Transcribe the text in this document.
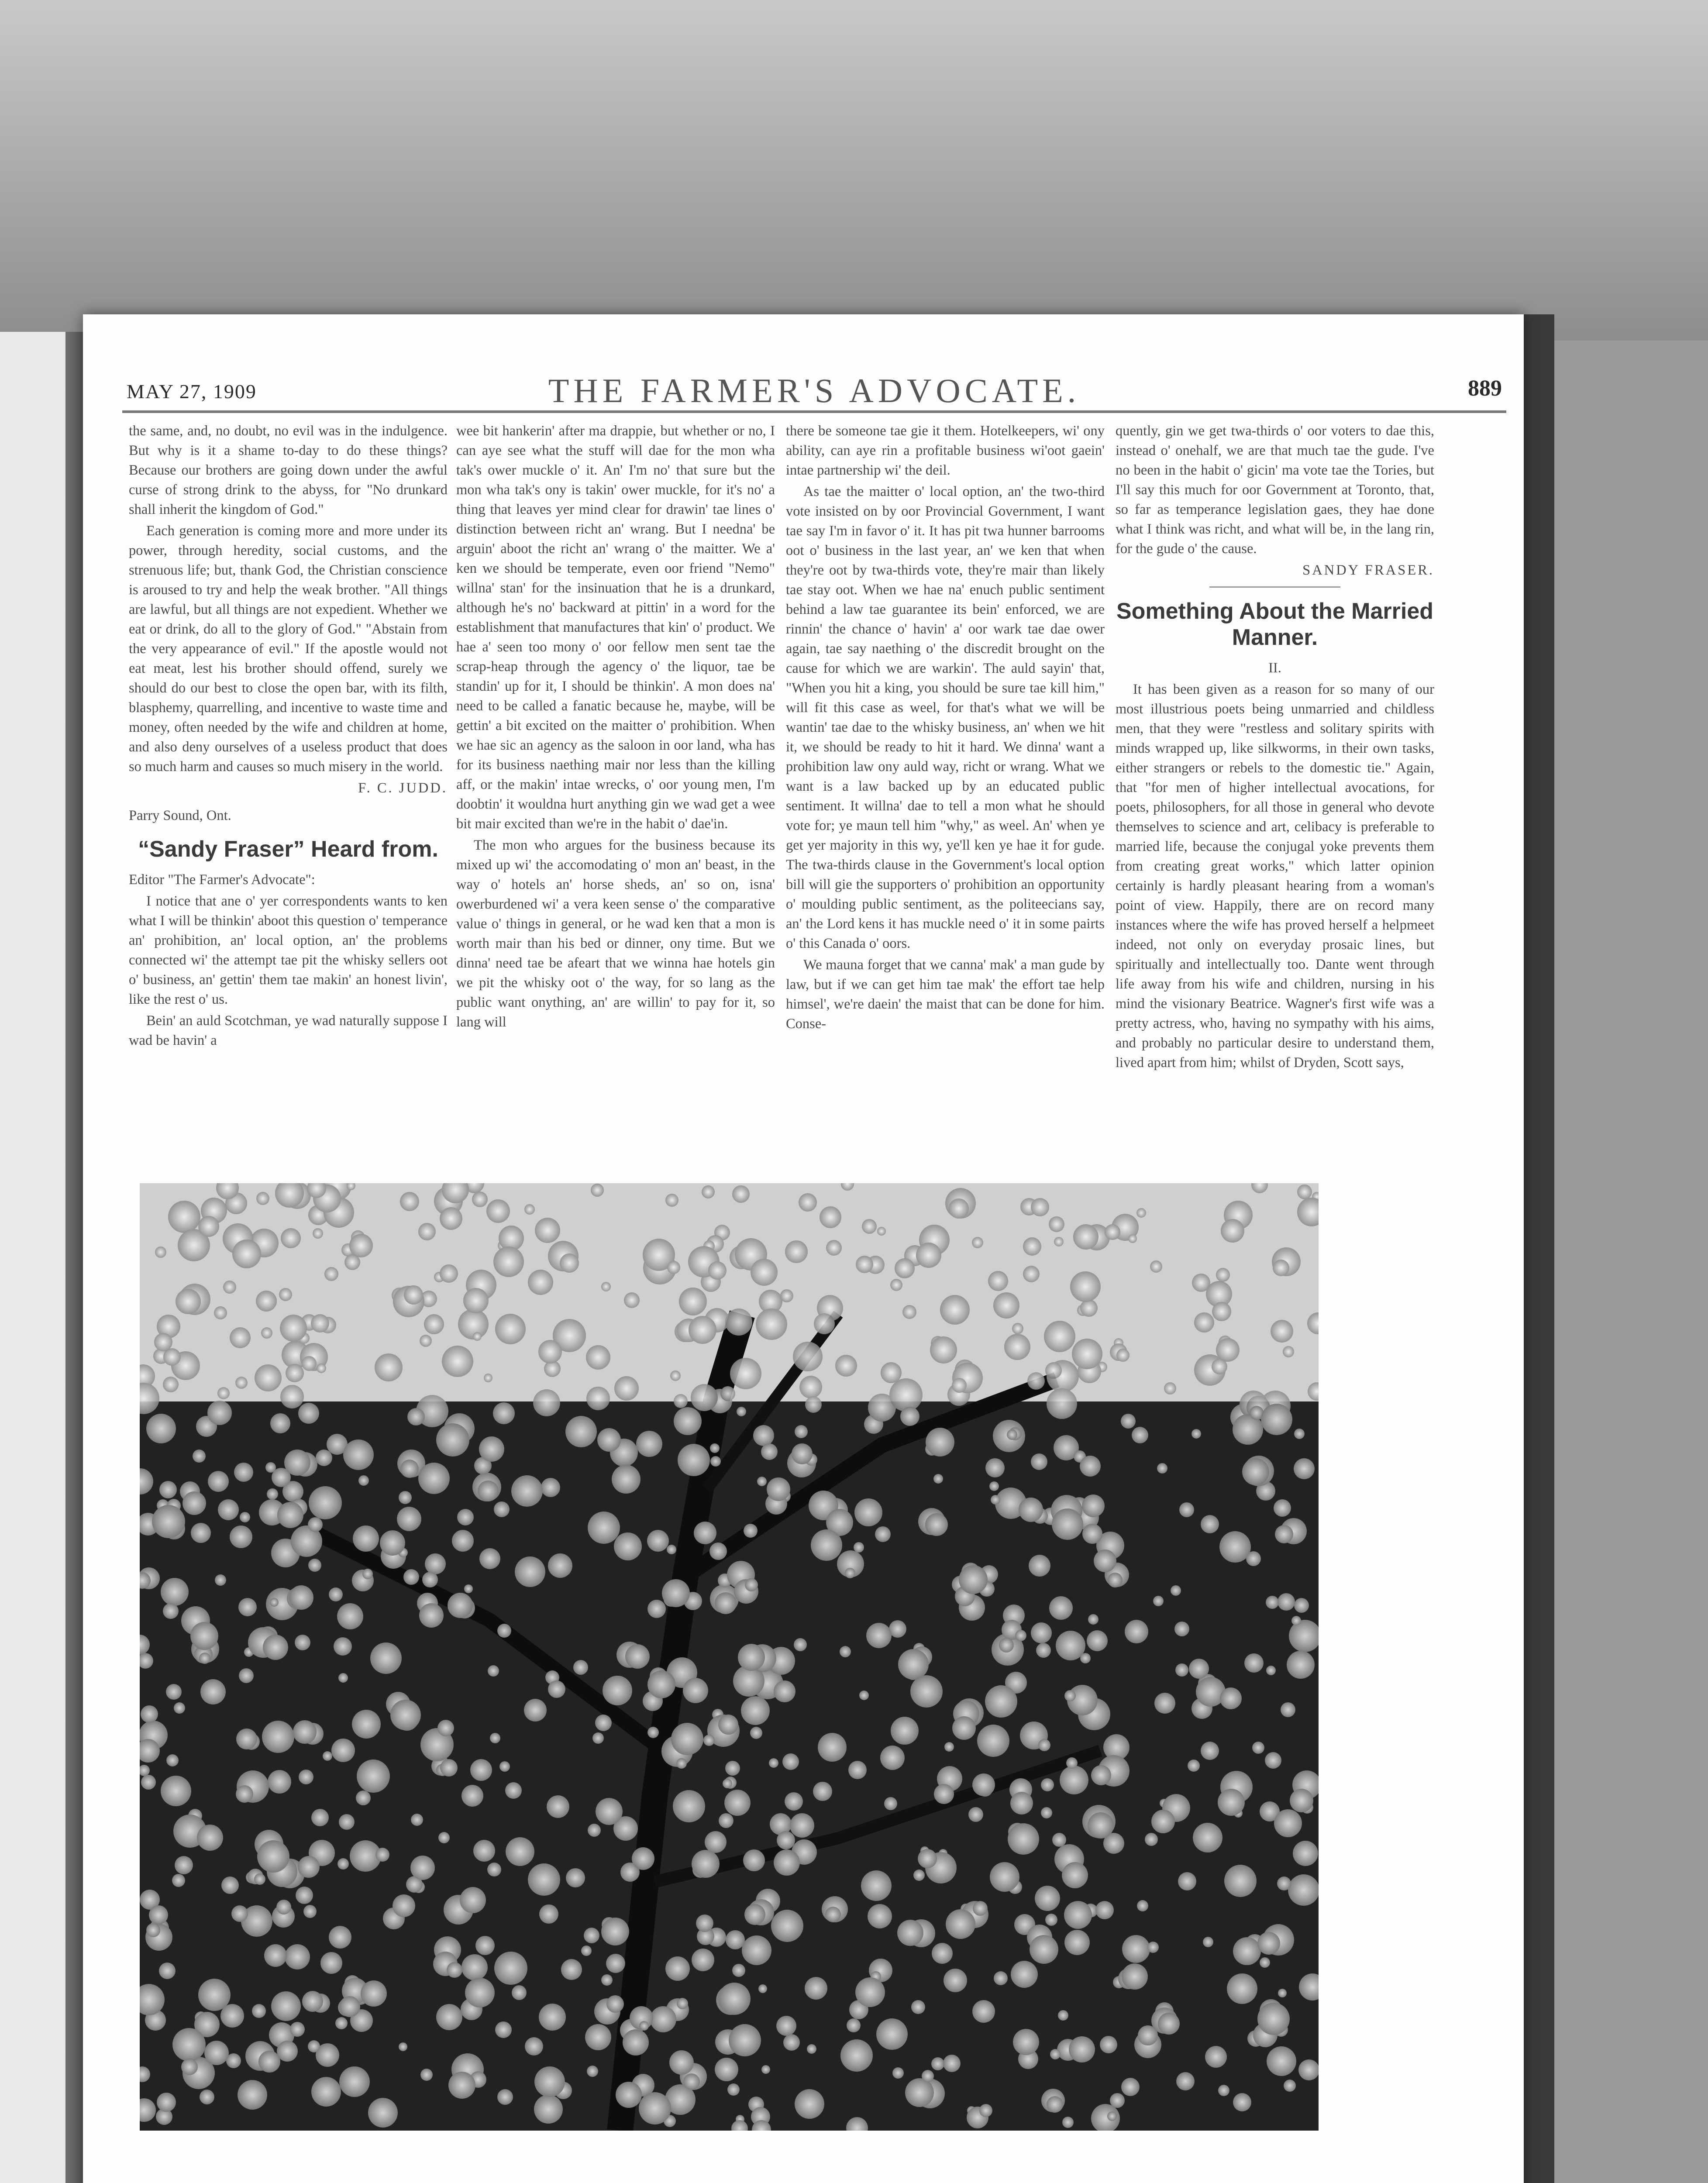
MAY 27, 1909	THE FARMER'S ADVOCATE.	889

the same, and, no doubt, no evil was in the indulgence. But why is it a shame to-day to do these things? Because our brothers are going down under the awful curse of strong drink to the abyss, for "No drunkard shall inherit the kingdom of God."

Each generation is coming more and more under its power, through heredity, social customs, and the strenuous life; but, thank God, the Christian conscience is aroused to try and help the weak brother. "All things are lawful, but all things are not expedient. Whether we eat or drink, do all to the glory of God." "Abstain from the very appearance of evil." If the apostle would not eat meat, lest his brother should offend, surely we should do our best to close the open bar, with its filth, blasphemy, quarrelling, and incentive to waste time and money, often needed by the wife and children at home, and also deny ourselves of a useless product that does so much harm and causes so much misery in the world.

F. C. JUDD.

Parry Sound, Ont.

“Sandy Fraser” Heard from.

Editor "The Farmer's Advocate":

I notice that ane o' yer correspondents wants to ken what I will be thinkin' aboot this question o' temperance an' prohibition, an' local option, an' the problems connected wi' the attempt tae pit the whisky sellers oot o' business, an' gettin' them tae makin' an honest livin', like the rest o' us.

Bein' an auld Scotchman, ye wad naturally suppose I wad be havin' a

wee bit hankerin' after ma drappie, but whether or no, I can aye see what the stuff will dae for the mon wha tak's ower muckle o' it. An' I'm no' that sure but the mon wha tak's ony is takin' ower muckle, for it's no' a thing that leaves yer mind clear for drawin' tae lines o' distinction between richt an' wrang. But I needna' be arguin' aboot the richt an' wrang o' the maitter. We a' ken we should be temperate, even oor friend "Nemo" willna' stan' for the insinuation that he is a drunkard, although he's no' backward at pittin' in a word for the establishment that manufactures that kin' o' product. We hae a' seen too mony o' oor fellow men sent tae the scrap-heap through the agency o' the liquor, tae be standin' up for it, I should be thinkin'. A mon does na' need to be called a fanatic because he, maybe, will be gettin' a bit excited on the maitter o' prohibition. When we hae sic an agency as the saloon in oor land, wha has for its business naething mair nor less than the killing aff, or the makin' intae wrecks, o' oor young men, I'm doobtin' it wouldna hurt anything gin we wad get a wee bit mair excited than we're in the habit o' dae'in.

The mon who argues for the business because its mixed up wi' the accomodating o' mon an' beast, in the way o' hotels an' horse sheds, an' so on, isna' owerburdened wi' a vera keen sense o' the comparative value o' things in general, or he wad ken that a mon is worth mair than his bed or dinner, ony time. But we dinna' need tae be afeart that we winna hae hotels gin we pit the whisky oot o' the way, for so lang as the public want onything, an' are willin' to pay for it, so lang will

there be someone tae gie it them. Hotelkeepers, wi' ony ability, can aye rin a profitable business wi'oot gaein' intae partnership wi' the deil.

As tae the maitter o' local option, an' the two-third vote insisted on by oor Provincial Government, I want tae say I'm in favor o' it. It has pit twa hunner barrooms oot o' business in the last year, an' we ken that when they're oot by twa-thirds vote, they're mair than likely tae stay oot. When we hae na' enuch public sentiment behind a law tae guarantee its bein' enforced, we are rinnin' the chance o' havin' a' oor wark tae dae ower again, tae say naething o' the discredit brought on the cause for which we are warkin'. The auld sayin' that, "When you hit a king, you should be sure tae kill him," will fit this case as weel, for that's what we will be wantin' tae dae to the whisky business, an' when we hit it, we should be ready to hit it hard. We dinna' want a prohibition law ony auld way, richt or wrang. What we want is a law backed up by an educated public sentiment. It willna' dae to tell a mon what he should vote for; ye maun tell him "why," as weel. An' when ye get yer majority in this wy, ye'll ken ye hae it for gude. The twa-thirds clause in the Government's local option bill will gie the supporters o' prohibition an opportunity o' moulding public sentiment, as the politeecians say, an' the Lord kens it has muckle need o' it in some pairts o' this Canada o' oors.

We mauna forget that we canna' mak' a man gude by law, but if we can get him tae mak' the effort tae help himsel', we're daein' the maist that can be done for him. Conse-

quently, gin we get twa-thirds o' oor voters to dae this, instead o' onehalf, we are that much tae the gude. I've no been in the habit o' gicin' ma vote tae the Tories, but I'll say this much for oor Government at Toronto, that, so far as temperance legislation gaes, they hae done what I think was richt, and what will be, in the lang rin, for the gude o' the cause.

SANDY FRASER.

Something About the Married Manner.

II.

It has been given as a reason for so many of our most illustrious poets being unmarried and childless men, that they were "restless and solitary spirits with minds wrapped up, like silkworms, in their own tasks, either strangers or rebels to the domestic tie." Again, that "for men of higher intellectual avocations, for poets, philosophers, for all those in general who devote themselves to science and art, celibacy is preferable to married life, because the conjugal yoke prevents them from creating great works," which latter opinion certainly is hardly pleasant hearing from a woman's point of view. Happily, there are on record many instances where the wife has proved herself a helpmeet indeed, not only on everyday prosaic lines, but spiritually and intellectually too. Dante went through life away from his wife and children, nursing in his mind the visionary Beatrice. Wagner's first wife was a pretty actress, who, having no sympathy with his aims, and probably no particular desire to understand them, lived apart from him; whilst of Dryden, Scott says,
